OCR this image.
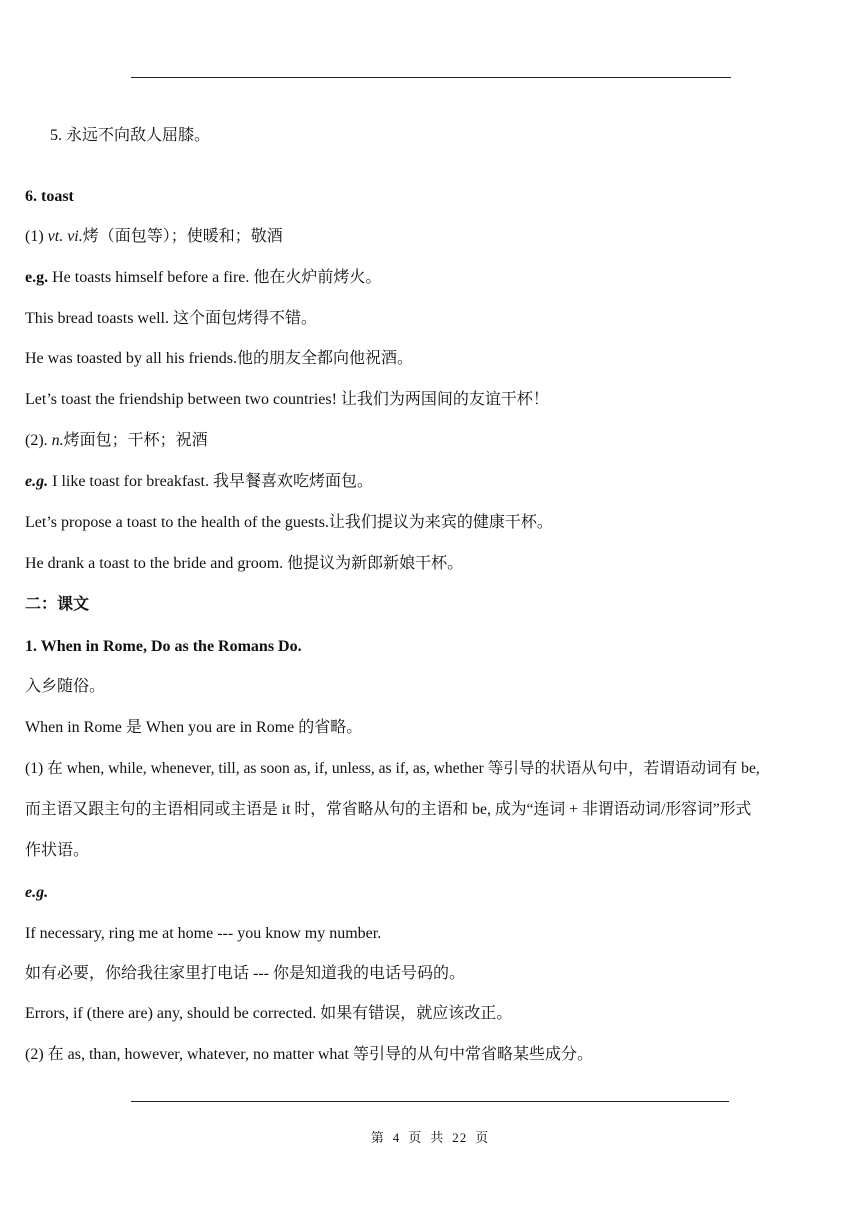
5. 永远不向敌人屈膝。
6. toast
(1) vt. vi.烤（面包等）；使暖和；敬酒
e.g. He toasts himself before a fire. 他在火炉前烤火。
This bread toasts well. 这个面包烤得不错。
He was toasted by all his friends.他的朋友全都向他祝酒。
Let’s toast the friendship between two countries! 让我们为两国间的友谊干杯！
(2). n.烤面包；干杯；祝酒
e.g. I like toast for breakfast. 我早餐喜欢吃烤面包。
Let’s propose a toast to the health of the guests.让我们提议为来宾的健康干杯。
He drank a toast to the bride and groom. 他提议为新郎新娘干杯。
二：课文
1. When in Rome, Do as the Romans Do.
入乡随俗。
When in Rome 是 When you are in Rome 的省略。
(1) 在 when, while, whenever, till, as soon as, if, unless, as if, as, whether 等引导的状语从句中，若谓语动词有 be,
而主语又跟主句的主语相同或主语是 it 时，常省略从句的主语和 be, 成为“连词 + 非谓语动词/形容词”形式
作状语。
e.g.
If necessary, ring me at home --- you know my number.
如有必要，你给我往家里打电话 --- 你是知道我的电话号码的。
Errors, if (there are) any, should be corrected. 如果有错误，就应该改正。
(2) 在 as, than, however, whatever, no matter what 等引导的从句中常省略某些成分。
第 4 页 共 22 页
